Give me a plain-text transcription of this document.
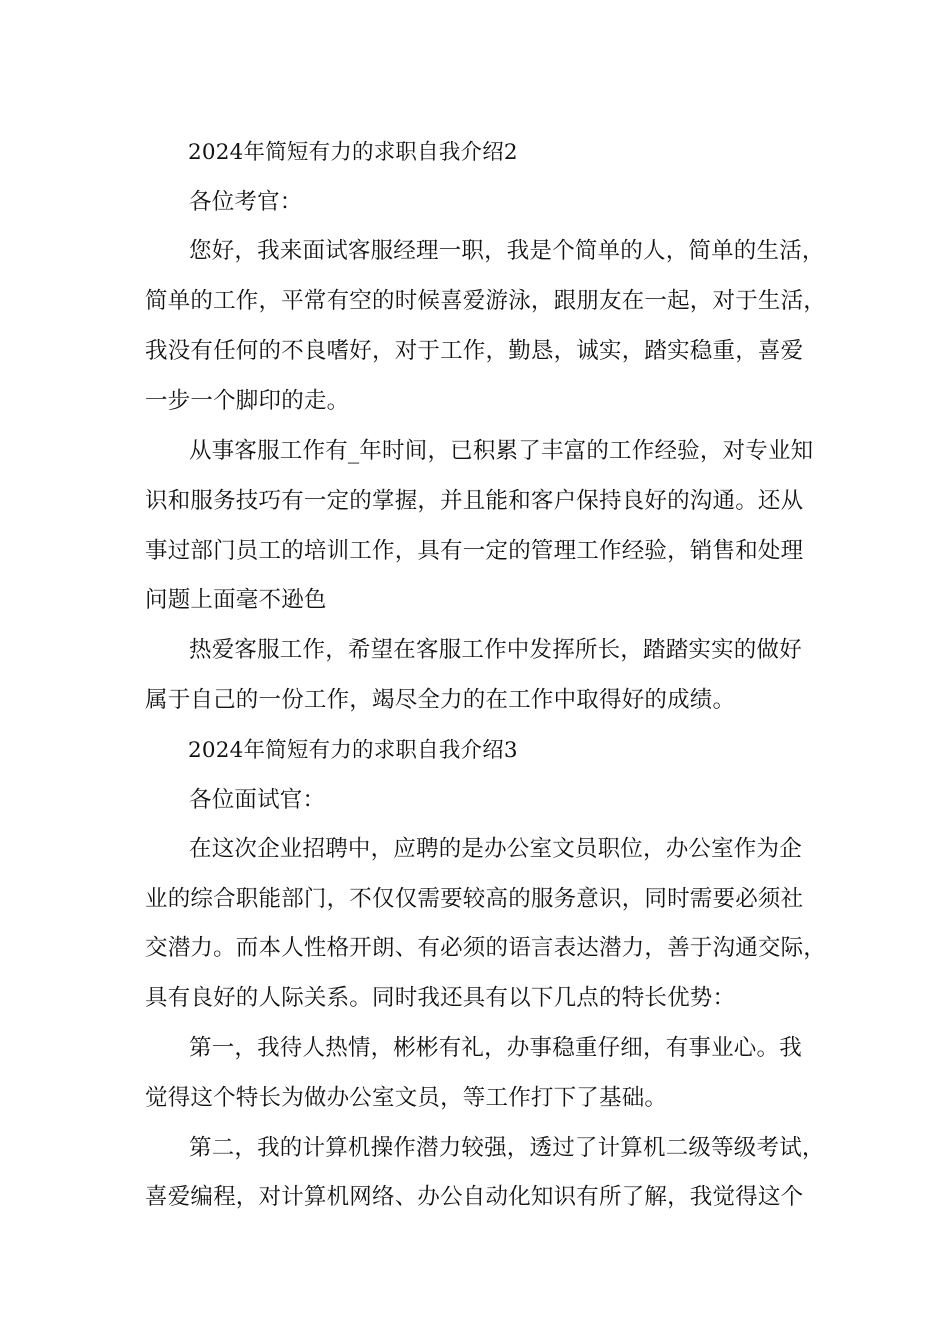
2024年简短有力的求职自我介绍2
各位考官：
您好，我来面试客服经理一职，我是个简单的人，简单的生活，
简单的工作，平常有空的时候喜爱游泳，跟朋友在一起，对于生活，
我没有任何的不良嗜好，对于工作，勤恳，诚实，踏实稳重，喜爱
一步一个脚印的走。
从事客服工作有_年时间，已积累了丰富的工作经验，对专业知
识和服务技巧有一定的掌握，并且能和客户保持良好的沟通。还从
事过部门员工的培训工作，具有一定的管理工作经验，销售和处理
问题上面毫不逊色
热爱客服工作，希望在客服工作中发挥所长，踏踏实实的做好
属于自己的一份工作，竭尽全力的在工作中取得好的成绩。
2024年简短有力的求职自我介绍3
各位面试官：
在这次企业招聘中，应聘的是办公室文员职位，办公室作为企
业的综合职能部门，不仅仅需要较高的服务意识，同时需要必须社
交潜力。而本人性格开朗、有必须的语言表达潜力，善于沟通交际，
具有良好的人际关系。同时我还具有以下几点的特长优势：
第一，我待人热情，彬彬有礼，办事稳重仔细，有事业心。我
觉得这个特长为做办公室文员，等工作打下了基础。
第二，我的计算机操作潜力较强，透过了计算机二级等级考试，
喜爱编程，对计算机网络、办公自动化知识有所了解，我觉得这个
